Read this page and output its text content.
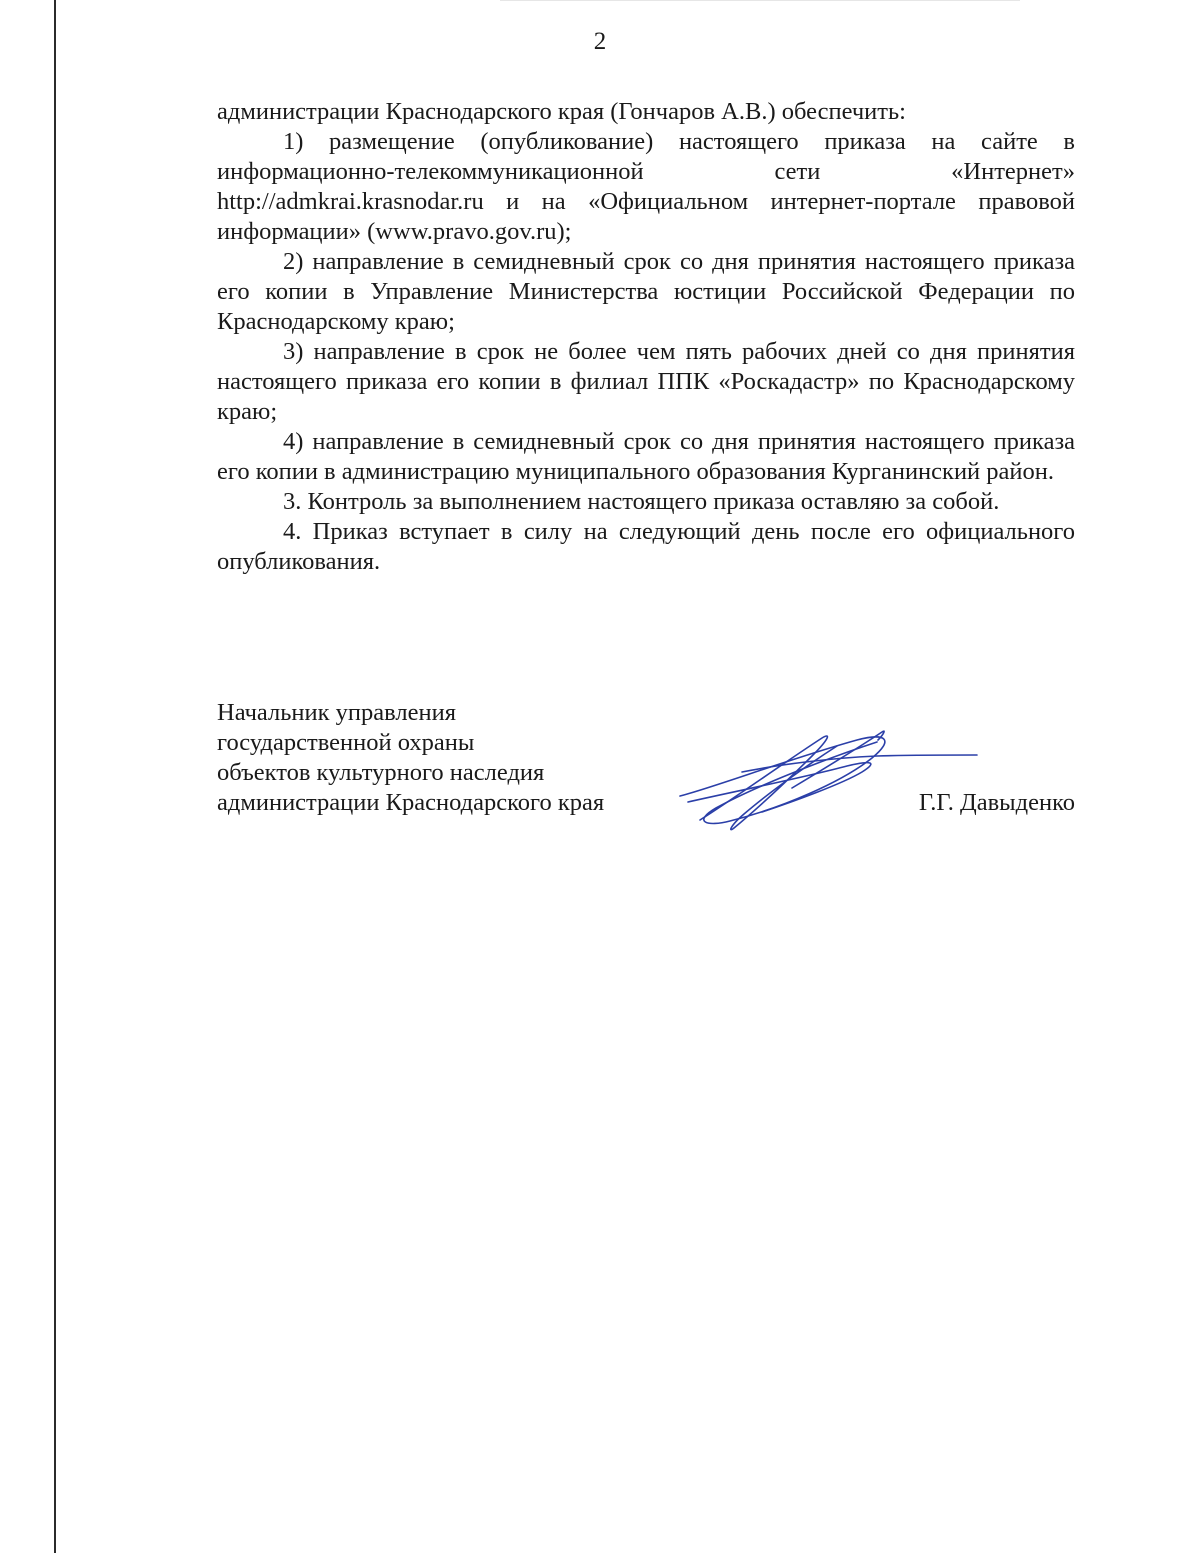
2

администрации Краснодарского края (Гончаров А.В.) обеспечить:

1) размещение (опубликование) настоящего приказа на сайте в информационно-телекоммуникационной сети «Интернет» http://admkrai.krasnodar.ru и на «Официальном интернет-портале правовой информации» (www.pravo.gov.ru);

2) направление в семидневный срок со дня принятия настоящего приказа его копии в Управление Министерства юстиции Российской Федерации по Краснодарскому краю;

3) направление в срок не более чем пять рабочих дней со дня принятия настоящего приказа его копии в филиал ППК «Роскадастр» по Краснодарскому краю;

4) направление в семидневный срок со дня принятия настоящего приказа его копии в администрацию муниципального образования Курганинский район.

3. Контроль за выполнением настоящего приказа оставляю за собой.

4. Приказ вступает в силу на следующий день после его официального опубликования.

Начальник управления
государственной охраны
объектов культурного наследия
администрации Краснодарского края	Г.Г. Давыденко
